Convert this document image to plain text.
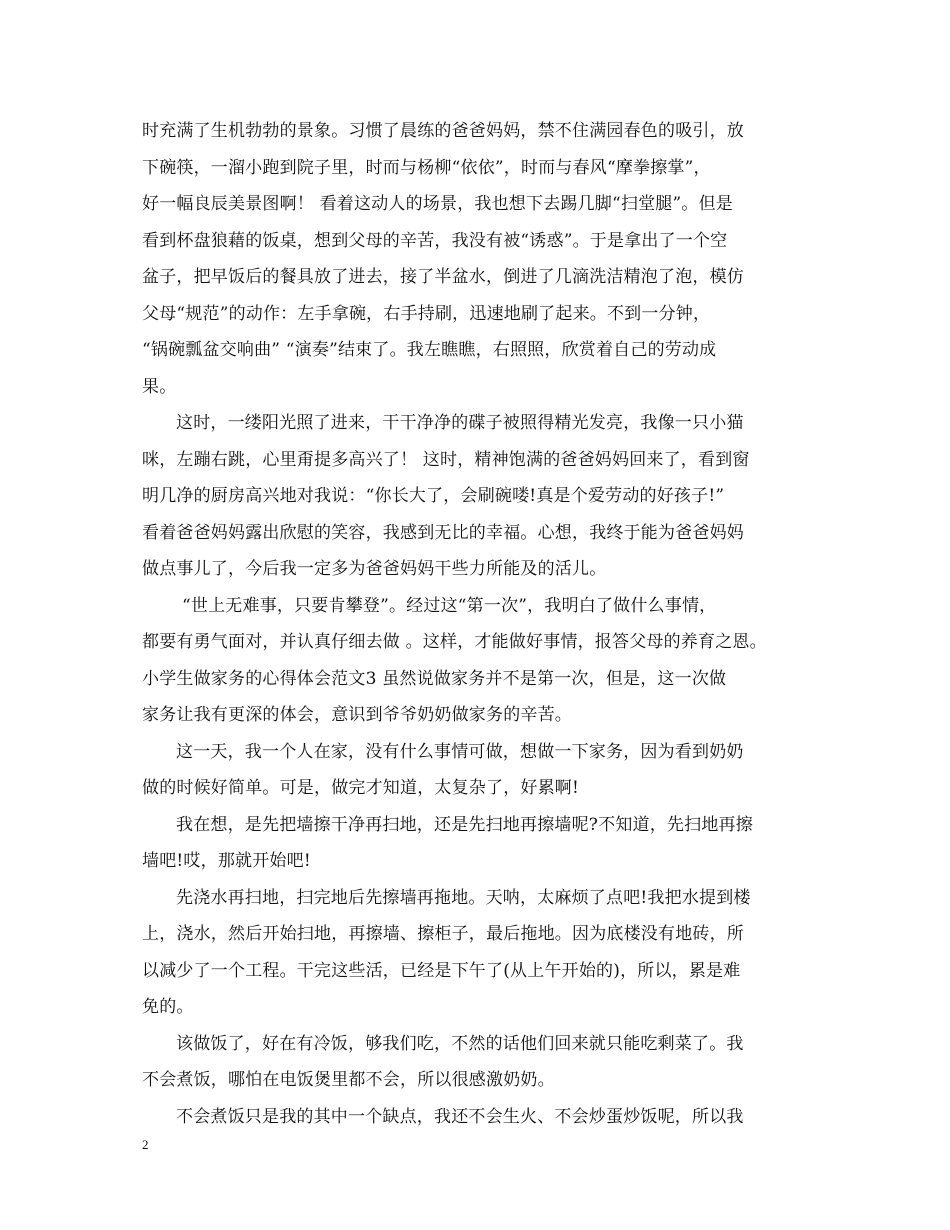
时充满了生机勃勃的景象。习惯了晨练的爸爸妈妈，禁不住满园春色的吸引，放
下碗筷，一溜小跑到院子里，时而与杨柳“依依”，时而与春风“摩拳擦掌”，
好一幅良辰美景图啊！ 看着这动人的场景，我也想下去踢几脚“扫堂腿”。但是
看到杯盘狼藉的饭桌，想到父母的辛苦，我没有被“诱惑”。于是拿出了一个空
盆子，把早饭后的餐具放了进去，接了半盆水，倒进了几滴洗洁精泡了泡，模仿
父母“规范”的动作：左手拿碗，右手持刷，迅速地刷了起来。不到一分钟，
“锅碗瓢盆交响曲” “演奏”结束了。我左瞧瞧，右照照，欣赏着自己的劳动成
果。
这时，一缕阳光照了进来，干干净净的碟子被照得精光发亮，我像一只小猫
咪，左蹦右跳，心里甭提多高兴了！ 这时，精神饱满的爸爸妈妈回来了，看到窗
明几净的厨房高兴地对我说：“你长大了，会刷碗喽!真是个爱劳动的好孩子!”
看着爸爸妈妈露出欣慰的笑容，我感到无比的幸福。心想，我终于能为爸爸妈妈
做点事儿了，今后我一定多为爸爸妈妈干些力所能及的活儿。
“世上无难事，只要肯攀登”。经过这“第一次”，我明白了做什么事情，
都要有勇气面对，并认真仔细去做 。这样，才能做好事情，报答父母的养育之恩。
小学生做家务的心得体会范文3 虽然说做家务并不是第一次，但是，这一次做
家务让我有更深的体会，意识到爷爷奶奶做家务的辛苦。
这一天，我一个人在家，没有什么事情可做，想做一下家务，因为看到奶奶
做的时候好简单。可是，做完才知道，太复杂了，好累啊!
我在想，是先把墙擦干净再扫地，还是先扫地再擦墙呢?不知道，先扫地再擦
墙吧!哎，那就开始吧!
先浇水再扫地，扫完地后先擦墙再拖地。天呐，太麻烦了点吧!我把水提到楼
上，浇水，然后开始扫地，再擦墙、擦柜子，最后拖地。因为底楼没有地砖，所
以减少了一个工程。干完这些活，已经是下午了(从上午开始的)，所以，累是难
免的。
该做饭了，好在有冷饭，够我们吃，不然的话他们回来就只能吃剩菜了。我
不会煮饭，哪怕在电饭煲里都不会，所以很感激奶奶。
不会煮饭只是我的其中一个缺点，我还不会生火、不会炒蛋炒饭呢，所以我
2
